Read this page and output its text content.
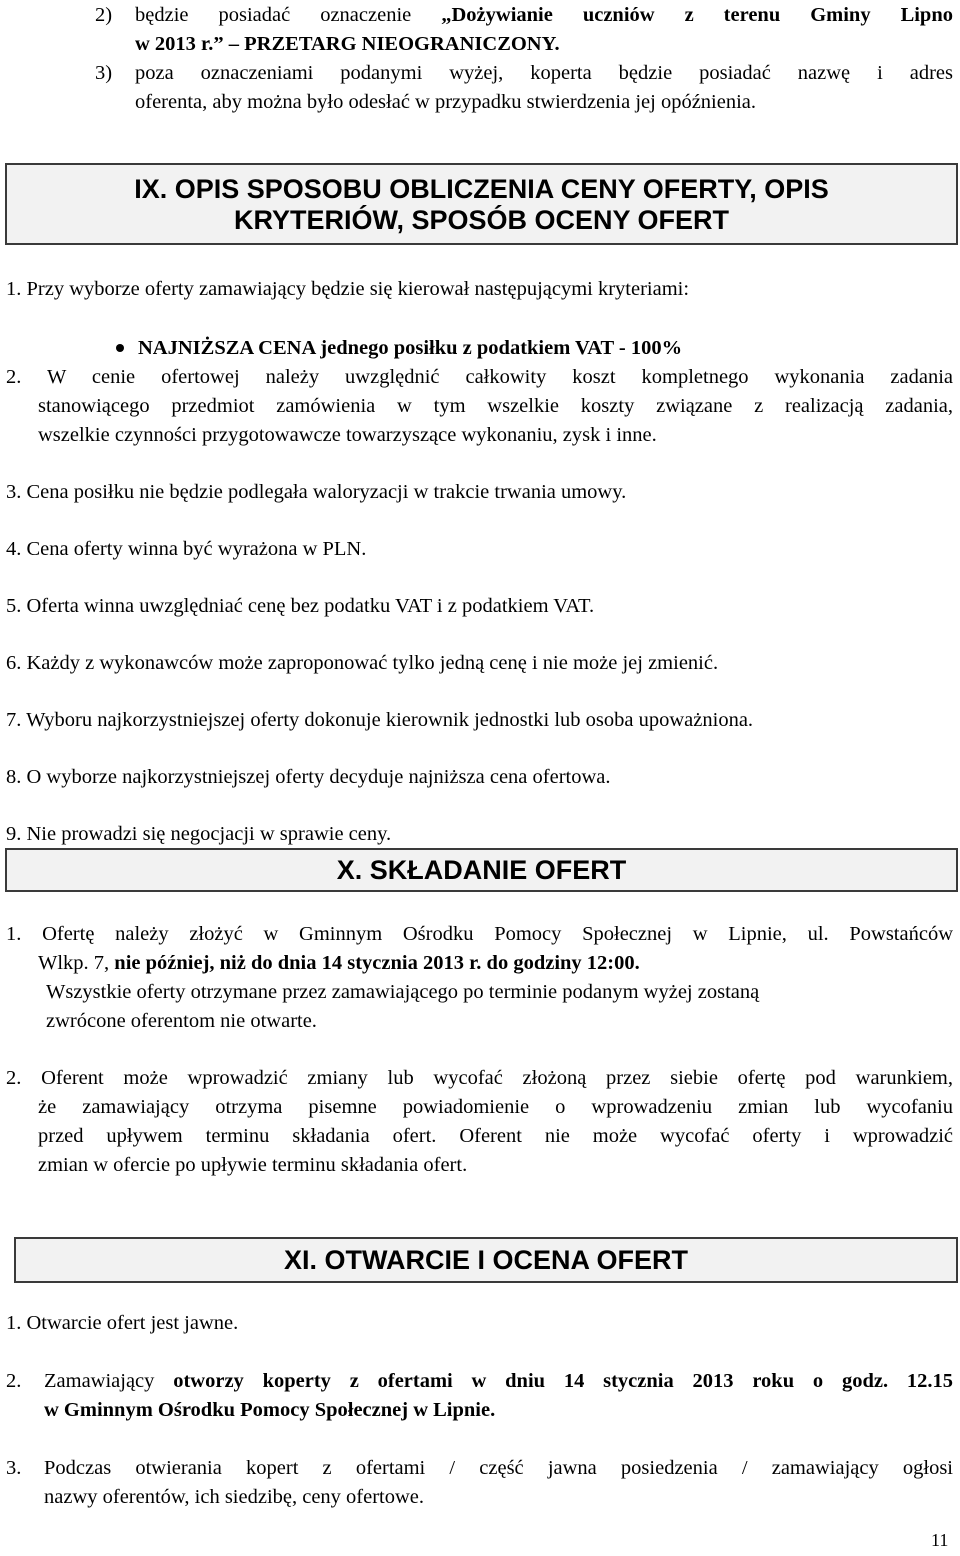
2) będzie posiadać oznaczenie „Dożywianie uczniów z terenu Gminy Lipno
w 2013 r.” – PRZETARG NIEOGRANICZONY.
3) poza oznaczeniami podanymi wyżej, koperta będzie posiadać nazwę i adres
oferenta, aby można było odesłać w przypadku stwierdzenia jej opóźnienia.
IX. OPIS SPOSOBU OBLICZENIA CENY OFERTY, OPIS
KRYTERIÓW, SPOSÓB OCENY OFERT
1. Przy wyborze oferty zamawiający będzie się kierował następującymi kryteriami:
NAJNIŻSZA CENA jednego posiłku z podatkiem VAT - 100%
2. W cenie ofertowej należy uwzględnić całkowity koszt kompletnego wykonania zadania
stanowiącego przedmiot zamówienia w tym wszelkie koszty związane z realizacją zadania,
wszelkie czynności przygotowawcze towarzyszące wykonaniu, zysk i inne.
3. Cena posiłku nie będzie podlegała waloryzacji w trakcie trwania umowy.
4. Cena oferty winna być wyrażona w PLN.
5. Oferta winna uwzględniać cenę bez podatku VAT i z podatkiem VAT.
6. Każdy z wykonawców może zaproponować tylko jedną cenę i nie może jej zmienić.
7. Wyboru najkorzystniejszej oferty dokonuje kierownik jednostki lub osoba upoważniona.
8. O wyborze najkorzystniejszej oferty decyduje najniższa cena ofertowa.
9. Nie prowadzi się negocjacji w sprawie ceny.
X. SKŁADANIE OFERT
1. Ofertę należy złożyć w Gminnym Ośrodku Pomocy Społecznej w Lipnie, ul. Powstańców
Wlkp. 7, nie później, niż do dnia 14 stycznia 2013 r. do godziny 12:00.
Wszystkie oferty otrzymane przez zamawiającego po terminie podanym wyżej zostaną
zwrócone oferentom nie otwarte.
2. Oferent może wprowadzić zmiany lub wycofać złożoną przez siebie ofertę pod warunkiem,
że zamawiający otrzyma pisemne powiadomienie o wprowadzeniu zmian lub wycofaniu
przed upływem terminu składania ofert. Oferent nie może wycofać oferty i wprowadzić
zmian w ofercie po upływie terminu składania ofert.
XI. OTWARCIE I OCENA OFERT
1. Otwarcie ofert jest jawne.
2. Zamawiający otworzy koperty z ofertami w dniu 14 stycznia 2013 roku o godz. 12.15
w Gminnym Ośrodku Pomocy Społecznej w Lipnie.
3. Podczas otwierania kopert z ofertami / część jawna posiedzenia / zamawiający ogłosi
nazwy oferentów, ich siedzibę, ceny ofertowe.
11
